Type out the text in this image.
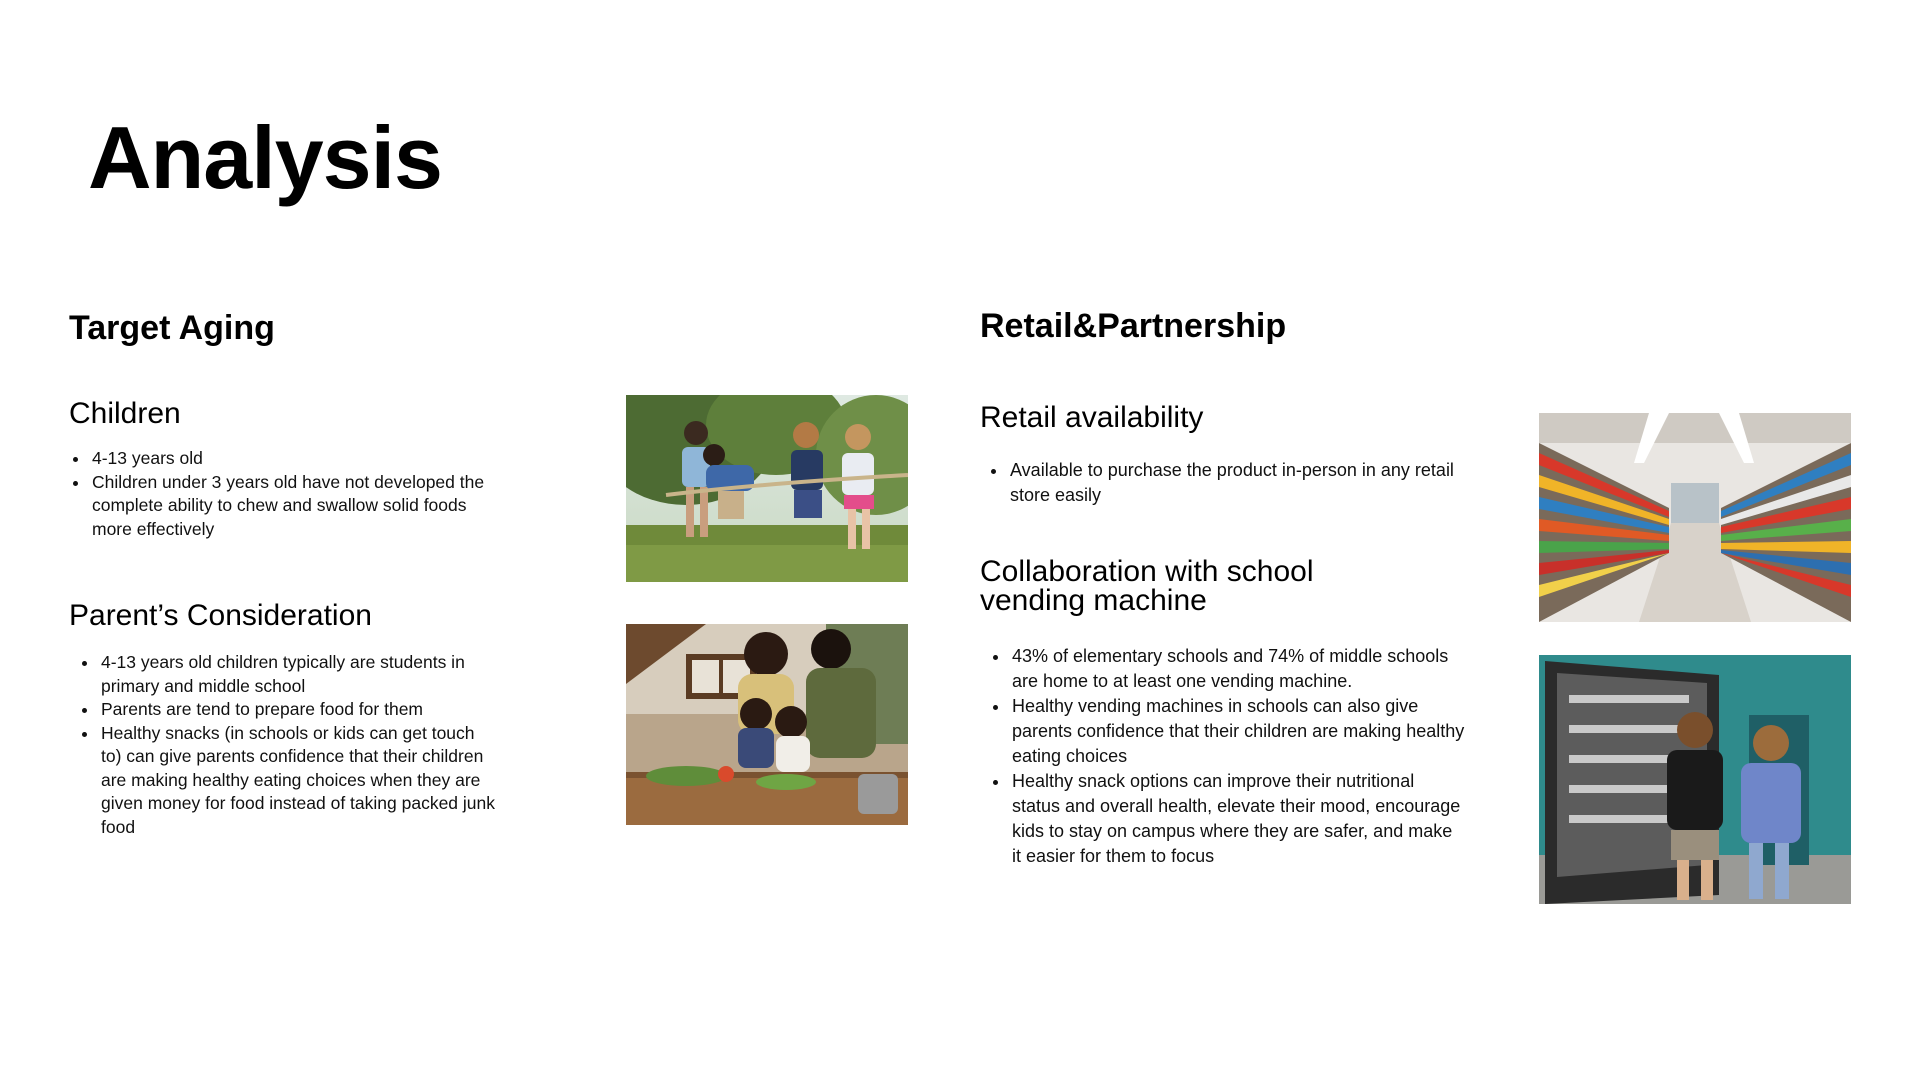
Analysis
Target Aging
Children
• 4-13 years old
• Children under 3 years old have not developed the complete ability to chew and swallow solid foods more effectively
Parent’s Consideration
• 4-13 years old children typically are students in primary and middle school
• Parents are tend to prepare food for them
• Healthy snacks (in schools or kids can get touch to) can give parents confidence that their children are making healthy eating choices when they are given money for food instead of taking packed junk food
Retail&Partnership
Retail availability
• Available to purchase the product in-person in any retail store easily
Collaboration with school
vending machine
• 43% of elementary schools and 74% of middle schools are home to at least one vending machine.
• Healthy vending machines in schools can also give parents confidence that their children are making healthy eating choices
• Healthy snack options can improve their nutritional status and overall health, elevate their mood, encourage kids to stay on campus where they are safer, and make it easier for them to focus
